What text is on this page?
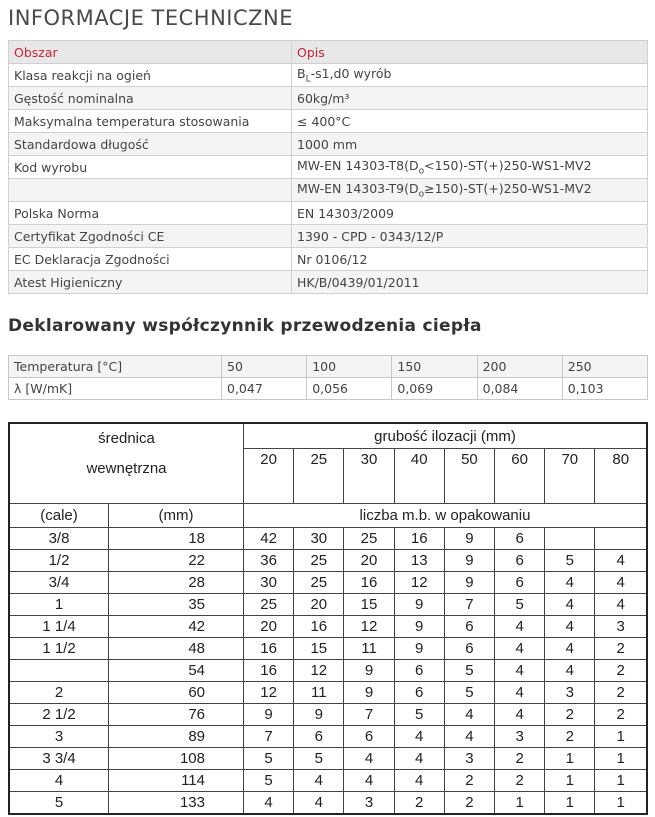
INFORMACJE TECHNICZNE
Obszar	Opis
Klasa reakcji na ogień	$B_L-s1,d0$ wyrób
Gęstość nominalna	60kg/m³
Maksymalna temperatura stosowania	≤ 400°C
Standardowa długość	1000 mm
Kod wyrobu	MW-EN $14303-T8(D_o<150)-ST(+)250-WS1-MV2$
	MW-EN $14303-T9(D_o\ge 150)-ST(+)250-WS1-MV2$
Polska Norma	EN 14303/2009
Certyfikat Zgodności CE	1390 - CPD - 0343/12/P
EC Deklaracja Zgodności	Nr 0106/12
Atest Higieniczny	HK/B/0439/01/2011
Deklarowany współczynnik przewodzenia ciepła
Temperatura [°C]	50	100	150	200	250
λ [W/mK]	0,047	0,056	0,069	0,084	0,103
średnica
wewnętrzna		grubość ilozacji (mm)							
		20	25	30	40	50	60	70	80
(cale)	(mm)	liczba m.b. w opakowaniu							
3/8	18	42	30	25	16	9	6		
1/2	22	36	25	20	13	9	6	5	4
3/4	28	30	25	16	12	9	6	4	4
1	35	25	20	15	9	7	5	4	4
1 1/4	42	20	16	12	9	6	4	4	3
1 1/2	48	16	15	11	9	6	4	4	2
	54	16	12	9	6	5	4	4	2
2	60	12	11	9	6	5	4	3	2
2 1/2	76	9	9	7	5	4	4	2	2
3	89	7	6	6	4	4	3	2	1
3 3/4	108	5	5	4	4	3	2	1	1
4	114	5	4	4	4	2	2	1	1
5	133	4	4	3	2	2	1	1	1
